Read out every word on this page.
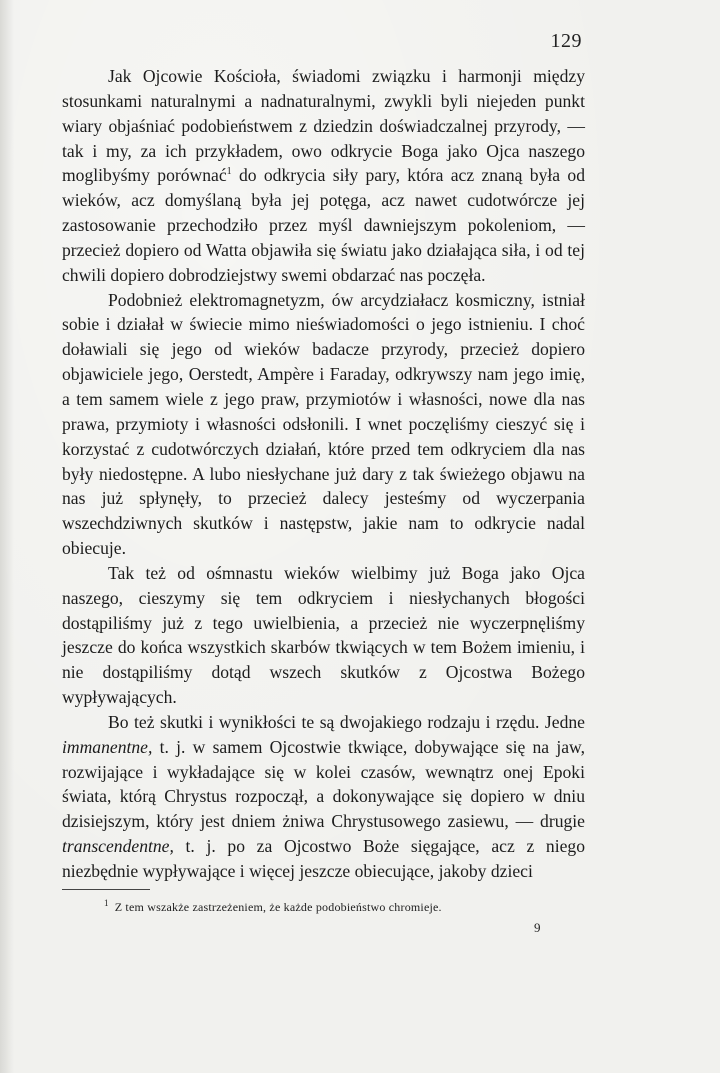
129

Jak Ojcowie Kościoła, świadomi związku i harmonji między stosunkami naturalnymi a nadnaturalnymi, zwykli byli niejeden punkt wiary objaśniać podobieństwem z dziedzin doświadczalnej przyrody, — tak i my, za ich przykładem, owo odkrycie Boga jako Ojca naszego moglibyśmy porównać$^1$ do odkrycia siły pary, która acz znaną była od wieków, acz domyślaną była jej potęga, acz nawet cudotwórcze jej zastosowanie przechodziło przez myśl dawniejszym pokoleniom, — przecież dopiero od Watta objawiła się światu jako działająca siła, i od tej chwili dopiero dobrodziejstwy swemi obdarzać nas poczęła.

Podobnież elektromagnetyzm, ów arcydziałacz kosmiczny, istniał sobie i działał w świecie mimo nieświadomości o jego istnieniu. I choć doławiali się jego od wieków badacze przyrody, przecież dopiero objawiciele jego, Oerstedt, Ampère i Faraday, odkrywszy nam jego imię, a tem samem wiele z jego praw, przymiotów i własności, nowe dla nas prawa, przymioty i własności odsłonili. I wnet poczęliśmy cieszyć się i korzystać z cudotwórczych działań, które przed tem odkryciem dla nas były niedostępne. A lubo niesłychane już dary z tak świeżego objawu na nas już spłynęły, to przecież dalecy jesteśmy od wyczerpania wszechdziwnych skutków i następstw, jakie nam to odkrycie nadal obiecuje.

Tak też od ośmnastu wieków wielbimy już Boga jako Ojca naszego, cieszymy się tem odkryciem i niesłychanych błogości dostąpiliśmy już z tego uwielbienia, a przecież nie wyczerpnęliśmy jeszcze do końca wszystkich skarbów tkwiących w tem Bożem imieniu, i nie dostąpiliśmy dotąd wszech skutków z Ojcostwa Bożego wypływających.

Bo też skutki i wynikłości te są dwojakiego rodzaju i rzędu. Jedne immanentne, t. j. w samem Ojcostwie tkwiące, dobywające się na jaw, rozwijające i wykładające się w kolei czasów, wewnątrz onej Epoki świata, którą Chrystus rozpoczął, a dokonywające się dopiero w dniu dzisiejszym, który jest dniem żniwa Chrystusowego zasiewu, — drugie transcendentne, t. j. po za Ojcostwo Boże sięgające, acz z niego niezbędnie wypływające i więcej jeszcze obiecujące, jakoby dzieci

$^1$ Z tem wszakże zastrzeżeniem, że każde podobieństwo chromieje.
9
